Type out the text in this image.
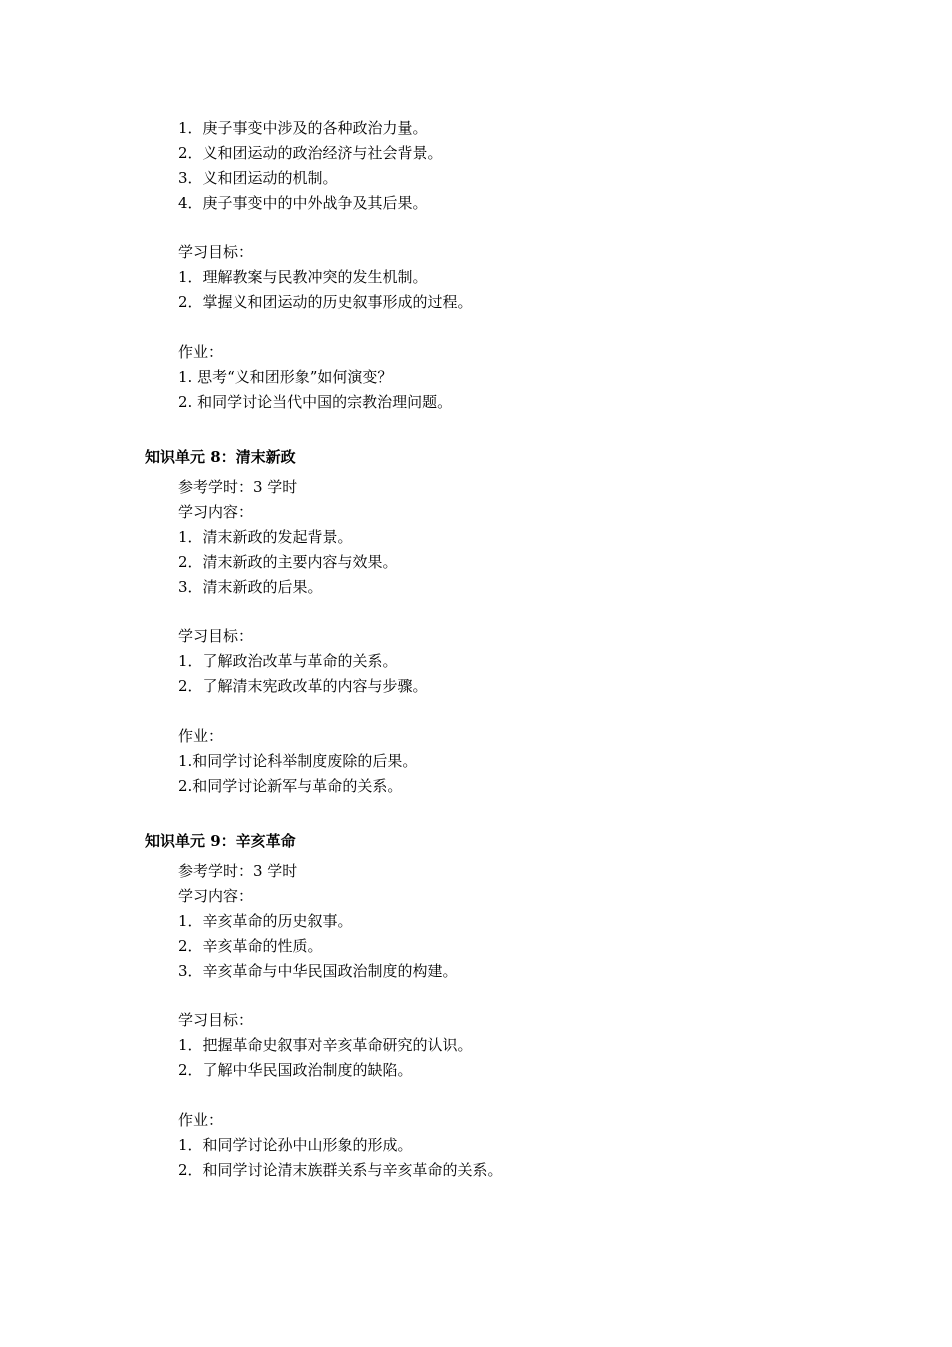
1．庚子事变中涉及的各种政治力量。
2．义和团运动的政治经济与社会背景。
3．义和团运动的机制。
4．庚子事变中的中外战争及其后果。
学习目标：
1．理解教案与民教冲突的发生机制。
2．掌握义和团运动的历史叙事形成的过程。
作业：
1. 思考“义和团形象”如何演变？
2. 和同学讨论当代中国的宗教治理问题。
知识单元 8：清末新政
参考学时：3 学时
学习内容：
1．清末新政的发起背景。
2．清末新政的主要内容与效果。
3．清末新政的后果。
学习目标：
1．了解政治改革与革命的关系。
2．了解清末宪政改革的内容与步骤。
作业：
1.和同学讨论科举制度废除的后果。
2.和同学讨论新军与革命的关系。
知识单元 9：辛亥革命
参考学时：3 学时
学习内容：
1．辛亥革命的历史叙事。
2．辛亥革命的性质。
3．辛亥革命与中华民国政治制度的构建。
学习目标：
1．把握革命史叙事对辛亥革命研究的认识。
2．了解中华民国政治制度的缺陷。
作业：
1．和同学讨论孙中山形象的形成。
2．和同学讨论清末族群关系与辛亥革命的关系。
